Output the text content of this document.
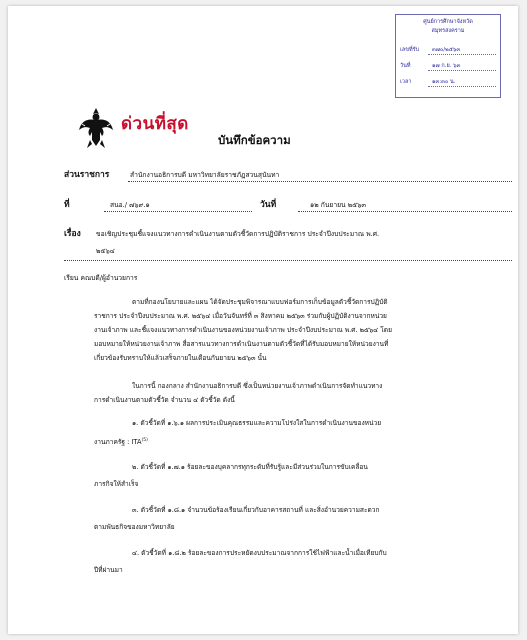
ศูนย์การศึกษาจังหวัด
สมุทรสงคราม
เลขที่รับ ๓๗๐/๒๕๖๓
วันที่	๑๗ ก.ย. ๖๓
เวลา	๑๓:๓๐ น.
ด่วนที่สุด
บันทึกข้อความ
ส่วนราชการ	สำนักงานอธิการบดี มหาวิทยาลัยราชภัฏสวนสุนันทา
ที่	สนอ./ ๗๖๙.๑	วันที่	๑๒ กันยายน ๒๕๖๓
เรื่อง ขอเชิญประชุมชี้แจงแนวทางการดำเนินงานตามตัวชี้วัดการปฏิบัติราชการ ประจำปีงบประมาณ พ.ศ.
๒๕๖๔
เรียน คณบดี/ผู้อำนวยการ
ตามที่กองนโยบายและแผน ได้จัดประชุมพิจารณาแบบฟอร์มการเก็บข้อมูลตัวชี้วัดการปฏิบัติ
ราชการ ประจำปีงบประมาณ พ.ศ. ๒๕๖๔ เมื่อวันจันทร์ที่ ๓ สิงหาคม ๒๕๖๓ ร่วมกับผู้ปฏิบัติงานจากหน่วย
งานเจ้าภาพ และชี้แจงแนวทางการดำเนินงานของหน่วยงานเจ้าภาพ ประจำปีงบประมาณ พ.ศ. ๒๕๖๔ โดย
มอบหมายให้หน่วยงานเจ้าภาพ สื่อสารแนวทางการดำเนินงานตามตัวชี้วัดที่ได้รับมอบหมายให้หน่วยงานที่
เกี่ยวข้องรับทราบให้แล้วเสร็จภายในเดือนกันยายน ๒๕๖๓ นั้น
ในการนี้ กองกลาง สำนักงานอธิการบดี ซึ่งเป็นหน่วยงานเจ้าภาพดำเนินการจัดทำแนวทาง
การดำเนินงานตามตัวชี้วัด จำนวน ๔ ตัวชี้วัด ดังนี้
๑. ตัวชี้วัดที่ ๑.๖.๑ ผลการประเมินคุณธรรมและความโปร่งใสในการดำเนินงานของหน่วย
งานภาครัฐ : ITA$^{(5)}$
๒. ตัวชี้วัดที่ ๑.๗.๑ ร้อยละของบุคลากรทุกระดับที่รับรู้และมีส่วนร่วมในการขับเคลื่อน
ภารกิจให้สำเร็จ
๓. ตัวชี้วัดที่ ๑.๘.๑ จำนวนข้อร้องเรียนเกี่ยวกับอาคารสถานที่ และสิ่งอำนวยความสะดวก
ตามพันธกิจของมหาวิทยาลัย
๔. ตัวชี้วัดที่ ๑.๘.๒ ร้อยละของการประหยัดงบประมาณจากการใช้ไฟฟ้าและน้ำเมื่อเทียบกับ
ปีที่ผ่านมา
